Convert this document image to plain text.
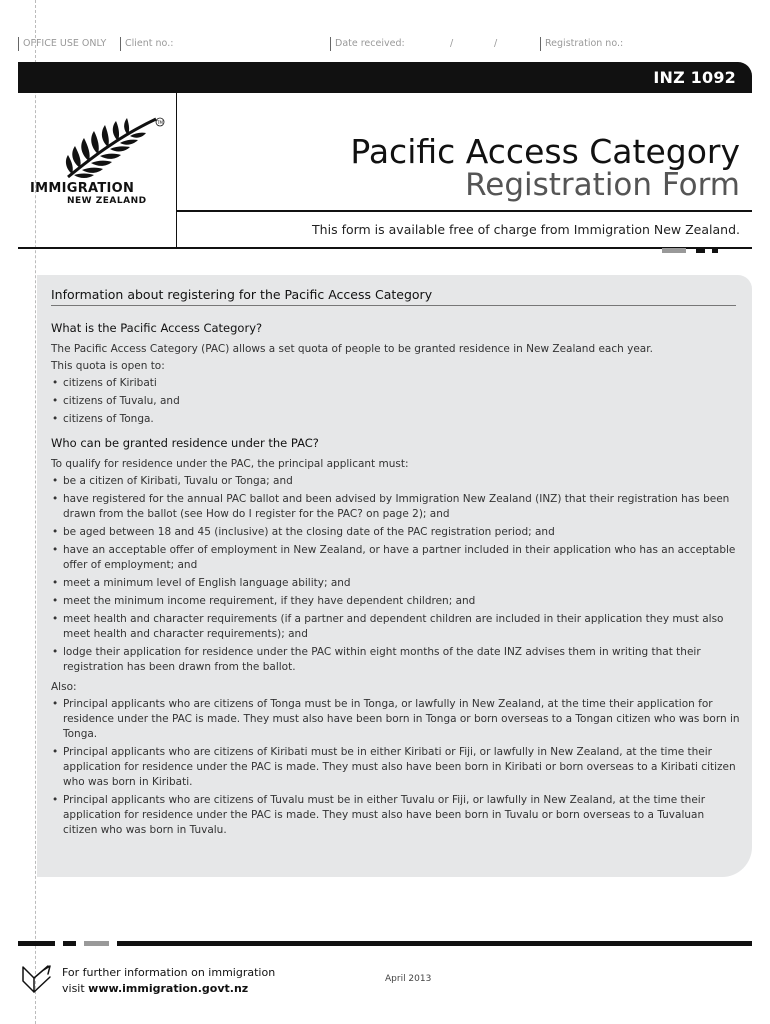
OFFICE USE ONLY	Client no.:	Date received:	/	/	Registration no.:
INZ 1092
TM
IMMIGRATION
NEW ZEALAND
Pacific Access Category
Registration Form
This form is available free of charge from Immigration New Zealand.
Information about registering for the Pacific Access Category
What is the Pacific Access Category?

The Pacific Access Category (PAC) allows a set quota of people to be granted residence in New Zealand each year.

This quota is open to:

• citizens of Kiribati
• citizens of Tuvalu, and
• citizens of Tonga.
Who can be granted residence under the PAC?

To qualify for residence under the PAC, the principal applicant must:

• be a citizen of Kiribati, Tuvalu or Tonga; and
• have registered for the annual PAC ballot and been advised by Immigration New Zealand (INZ) that their registration has been drawn from the ballot (see How do I register for the PAC? on page 2); and
• be aged between 18 and 45 (inclusive) at the closing date of the PAC registration period; and
• have an acceptable offer of employment in New Zealand, or have a partner included in their application who has an acceptable offer of employment; and
• meet a minimum level of English language ability; and
• meet the minimum income requirement, if they have dependent children; and
• meet health and character requirements (if a partner and dependent children are included in their application they must also meet health and character requirements); and
• lodge their application for residence under the PAC within eight months of the date INZ advises them in writing that their registration has been drawn from the ballot.

Also:

• Principal applicants who are citizens of Tonga must be in Tonga, or lawfully in New Zealand, at the time their application for residence under the PAC is made. They must also have been born in Tonga or born overseas to a Tongan citizen who was born in Tonga.
• Principal applicants who are citizens of Kiribati must be in either Kiribati or Fiji, or lawfully in New Zealand, at the time their application for residence under the PAC is made. They must also have been born in Kiribati or born overseas to a Kiribati citizen who was born in Kiribati.
• Principal applicants who are citizens of Tuvalu must be in either Tuvalu or Fiji, or lawfully in New Zealand, at the time their application for residence under the PAC is made. They must also have been born in Tuvalu or born overseas to a Tuvaluan citizen who was born in Tuvalu.
For further information on immigration
visit www.immigration.govt.nz
April 2013
